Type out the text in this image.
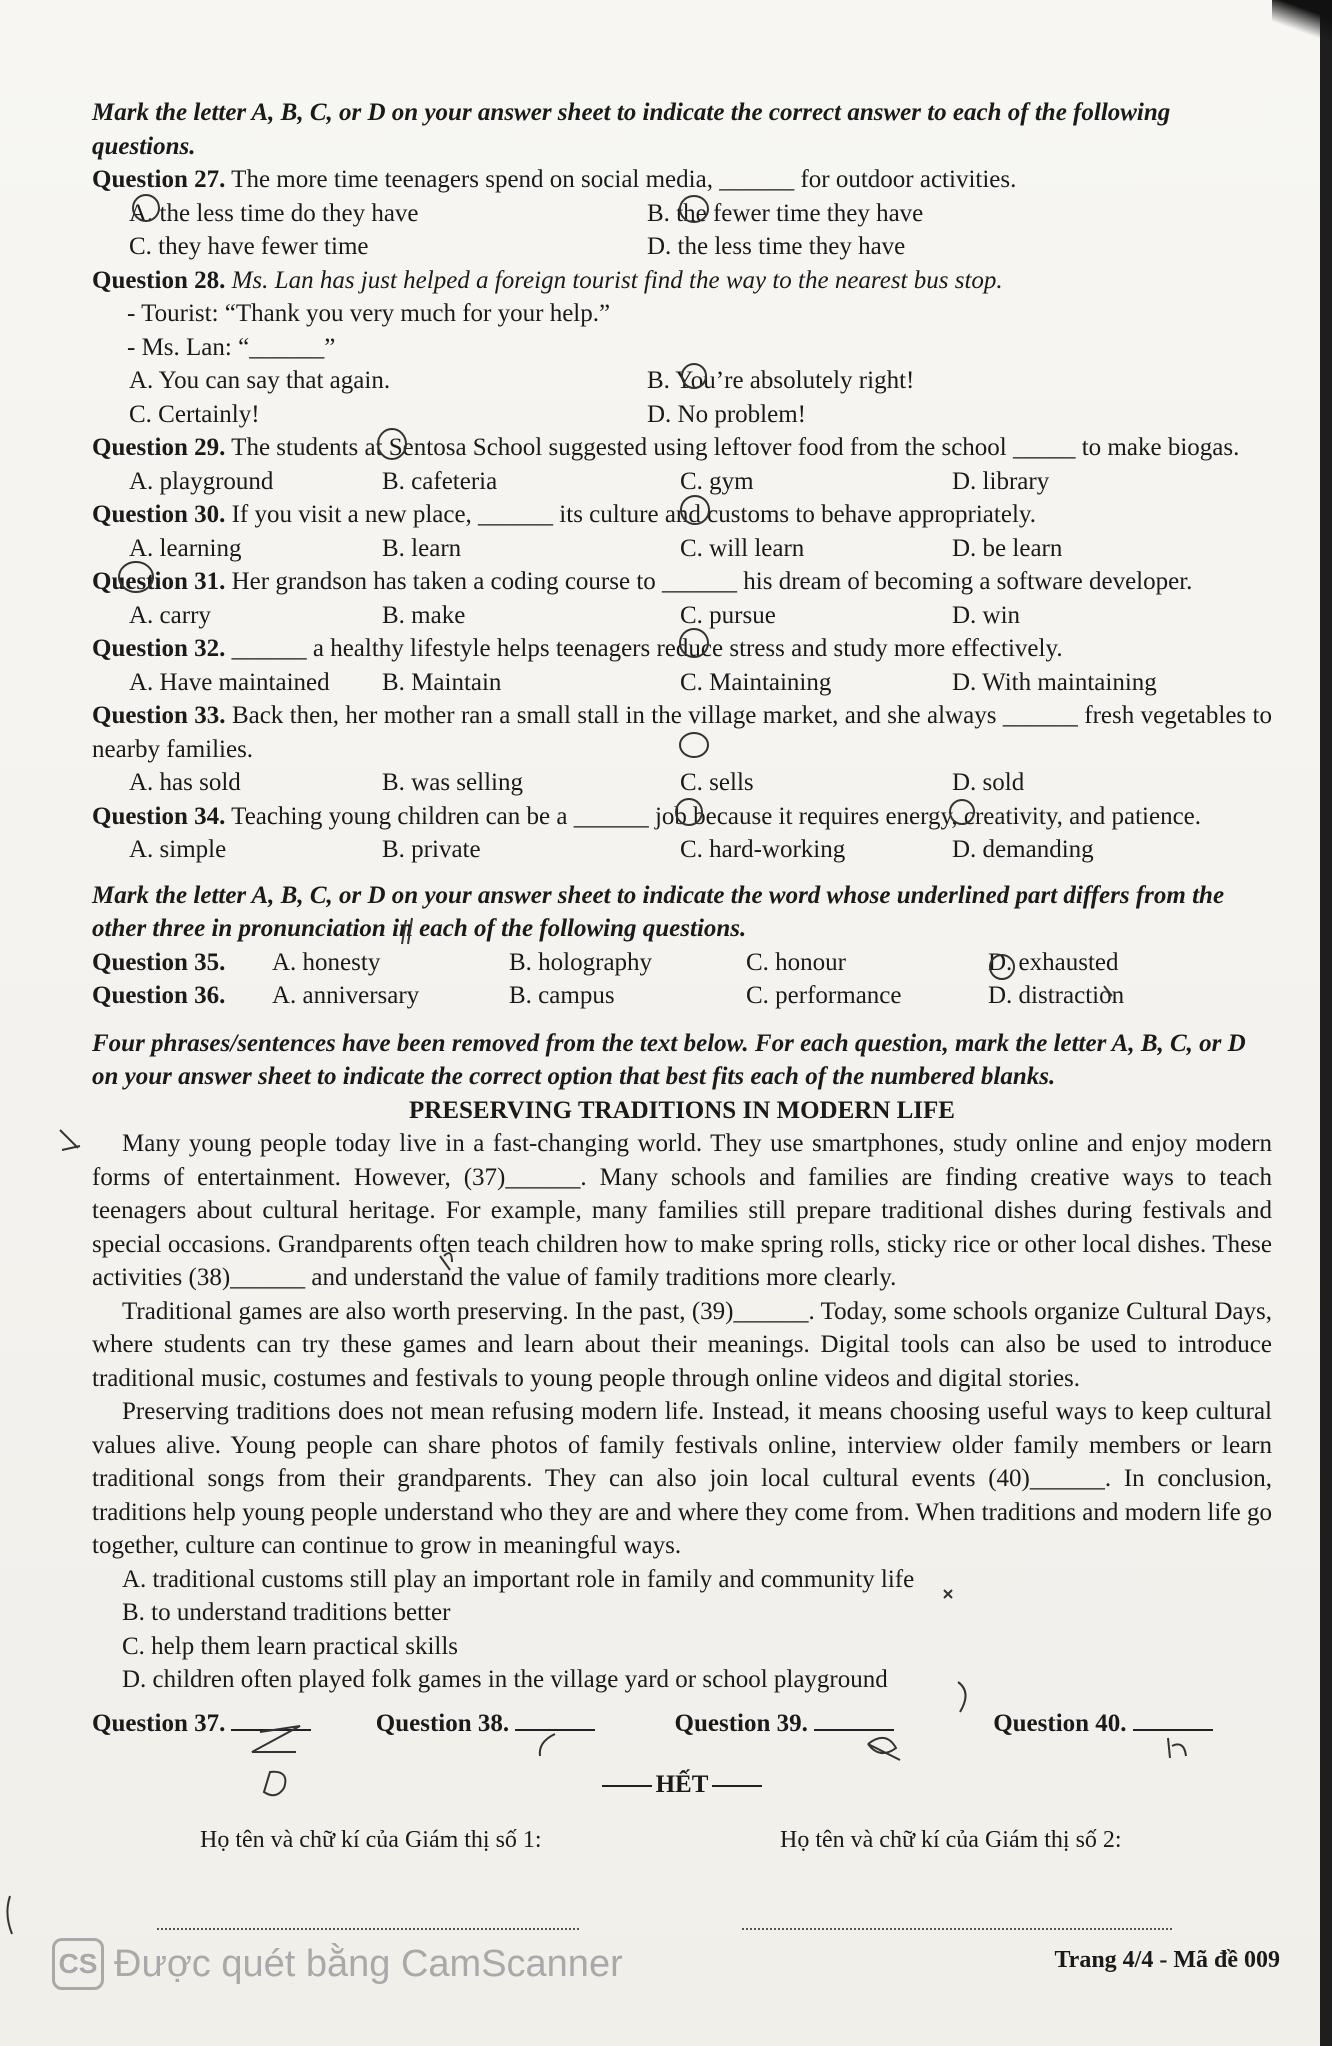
Mark the letter A, B, C, or D on your answer sheet to indicate the correct answer to each of the following questions.

Question 27. The more time teenagers spend on social media, ______ for outdoor activities.

A. the less time do they have	B. the fewer time they have
C. they have fewer time	D. the less time they have

Question 28. Ms. Lan has just helped a foreign tourist find the way to the nearest bus stop.

- Tourist: “Thank you very much for your help.”

- Ms. Lan: “______”

A. You can say that again.	B. You’re absolutely right!
C. Certainly!	D. No problem!

Question 29. The students at Sentosa School suggested using leftover food from the school _____ to make biogas.

A. playground	B. cafeteria	C. gym	D. library

Question 30. If you visit a new place, ______ its culture and customs to behave appropriately.

A. learning	B. learn	C. will learn	D. be learn

Question 31. Her grandson has taken a coding course to ______ his dream of becoming a software developer.

A. carry	B. make	C. pursue	D. win

Question 32. ______ a healthy lifestyle helps teenagers reduce stress and study more effectively.

A. Have maintained	B. Maintain	C. Maintaining	D. With maintaining

Question 33. Back then, her mother ran a small stall in the village market, and she always ______ fresh vegetables to nearby families.

A. has sold	B. was selling	C. sells	D. sold

Question 34. Teaching young children can be a ______ job because it requires energy, creativity, and patience.

A. simple	B. private	C. hard-working	D. demanding

Mark the letter A, B, C, or D on your answer sheet to indicate the word whose underlined part differs from the other three in pronunciation in each of the following questions.

Question 35.	A. honesty	B. holography	C. honour	D. exhausted
Question 36.	A. anniversary	B. campus	C. performance	D. distraction

Four phrases/sentences have been removed from the text below. For each question, mark the letter A, B, C, or D on your answer sheet to indicate the correct option that best fits each of the numbered blanks.

PRESERVING TRADITIONS IN MODERN LIFE

Many young people today live in a fast-changing world. They use smartphones, study online and enjoy modern forms of entertainment. However, (37)______. Many schools and families are finding creative ways to teach teenagers about cultural heritage. For example, many families still prepare traditional dishes during festivals and special occasions. Grandparents often teach children how to make spring rolls, sticky rice or other local dishes. These activities (38)______ and understand the value of family traditions more clearly.

Traditional games are also worth preserving. In the past, (39)______. Today, some schools organize Cultural Days, where students can try these games and learn about their meanings. Digital tools can also be used to introduce traditional music, costumes and festivals to young people through online videos and digital stories.

Preserving traditions does not mean refusing modern life. Instead, it means choosing useful ways to keep cultural values alive. Young people can share photos of family festivals online, interview older family members or learn traditional songs from their grandparents. They can also join local cultural events (40)______. In conclusion, traditions help young people understand who they are and where they come from. When traditions and modern life go together, culture can continue to grow in meaningful ways.

A. traditional customs still play an important role in family and community life

B. to understand traditions better

C. help them learn practical skills

D. children often played folk games in the village yard or school playground

Question 37.	Question 38.	Question 39.	Question 40.
HẾT
Họ tên và chữ kí của Giám thị số 1:	Họ tên và chữ kí của Giám thị số 2:
CS Được quét bằng CamScanner	Trang 4/4 - Mã đề 009
